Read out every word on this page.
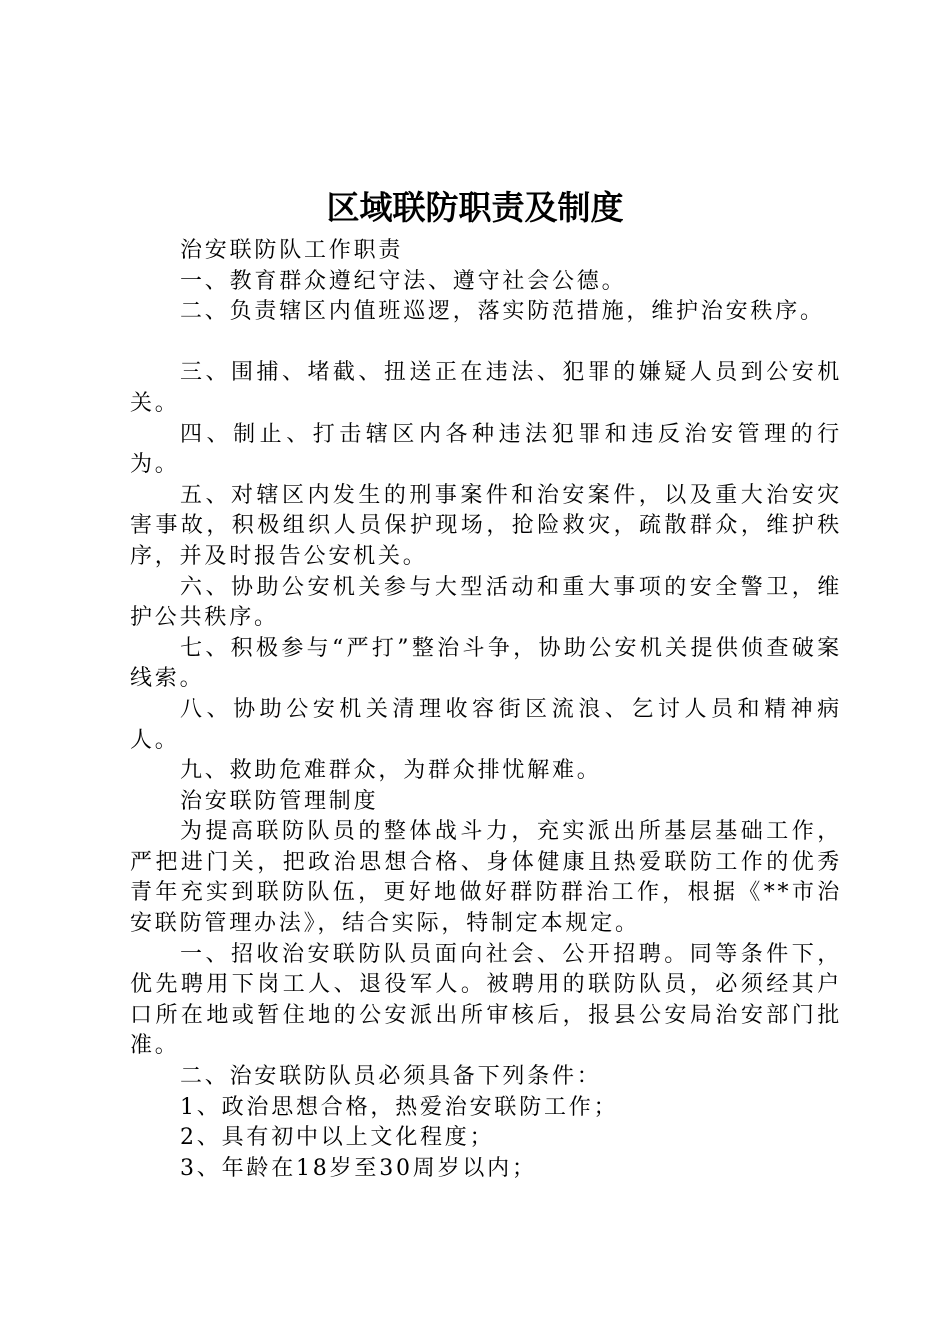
区域联防职责及制度

治安联防队工作职责

一、教育群众遵纪守法、遵守社会公德。

二、负责辖区内值班巡逻，落实防范措施，维护治安秩序。

三、围捕、堵截、扭送正在违法、犯罪的嫌疑人员到公安机关。

四、制止、打击辖区内各种违法犯罪和违反治安管理的行为。

五、对辖区内发生的刑事案件和治安案件，以及重大治安灾害事故，积极组织人员保护现场，抢险救灾，疏散群众，维护秩序，并及时报告公安机关。

六、协助公安机关参与大型活动和重大事项的安全警卫，维护公共秩序。

七、积极参与“严打”整治斗争，协助公安机关提供侦查破案线索。

八、协助公安机关清理收容街区流浪、乞讨人员和精神病人。

九、救助危难群众，为群众排忧解难。

治安联防管理制度

为提高联防队员的整体战斗力，充实派出所基层基础工作，严把进门关，把政治思想合格、身体健康且热爱联防工作的优秀青年充实到联防队伍，更好地做好群防群治工作，根据《**市治安联防管理办法》，结合实际，特制定本规定。

一、招收治安联防队员面向社会、公开招聘。同等条件下，优先聘用下岗工人、退役军人。被聘用的联防队员，必须经其户口所在地或暂住地的公安派出所审核后，报县公安局治安部门批准。

二、治安联防队员必须具备下列条件：

1、政治思想合格，热爱治安联防工作；

2、具有初中以上文化程度；

3、年龄在18岁至30周岁以内；
